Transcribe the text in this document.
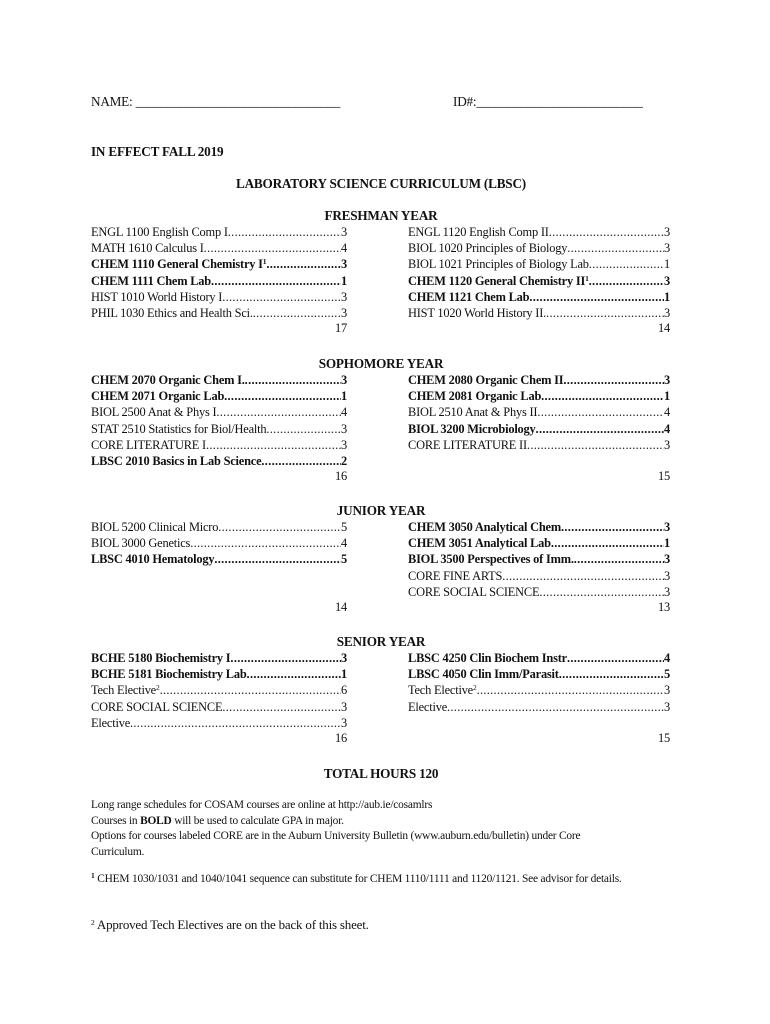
NAME: ________________________________	ID#:__________________________
IN EFFECT FALL 2019
LABORATORY SCIENCE CURRICULUM (LBSC)
FRESHMAN YEAR
ENGL 1100 English Comp I .....	3
MATH 1610 Calculus I .....	4
CHEM 1110 General Chemistry $I^1$ .....	3
CHEM 1111 Chem Lab .....	1
HIST 1010 World History I .....	3
PHIL 1030 Ethics and Health Sci. .....	3
ENGL 1120 English Comp II .....	3
BIOL 1020 Principles of Biology .....	3
BIOL 1021 Principles of Biology Lab .....	1
CHEM 1120 General Chemistry $II^1$ .....	3
CHEM 1121 Chem Lab .....	1
HIST 1020 World History II. .....	3
17	14
SOPHOMORE YEAR
CHEM 2070 Organic Chem I. .....	3
CHEM 2071 Organic Lab .....	1
BIOL 2500 Anat & Phys I .....	4
STAT 2510 Statistics for Biol/Health .....	3
CORE LITERATURE I .....	3
LBSC 2010 Basics in Lab Science .....	2
CHEM 2080 Organic Chem II .....	3
CHEM 2081 Organic Lab .....	1
BIOL 2510 Anat & Phys II .....	4
BIOL 3200 Microbiology .....	4
CORE LITERATURE II .....	3
16	15
JUNIOR YEAR
BIOL 5200 Clinical Micro .....	5
BIOL 3000 Genetics .....	4
LBSC 4010 Hematology .....	5
CHEM 3050 Analytical Chem .....	3
CHEM 3051 Analytical Lab .....	1
BIOL 3500 Perspectives of Imm. .....	3
CORE FINE ARTS .....	3
CORE SOCIAL SCIENCE .....	3
14	13
SENIOR YEAR
BCHE 5180 Biochemistry I .....	3
BCHE 5181 Biochemistry Lab .....	1
Tech Elective$^2$ .....	6
CORE SOCIAL SCIENCE .....	3
Elective .....	3
LBSC 4250 Clin Biochem Instr .....	4
LBSC 4050 Clin Imm/Parasit .....	5
Tech Elective$^2$ .....	3
Elective .....	3
16	15
TOTAL HOURS 120
Long range schedules for COSAM courses are online at http://aub.ie/cosamlrs
Courses in BOLD will be used to calculate GPA in major.
Options for courses labeled CORE are in the Auburn University Bulletin (www.auburn.edu/bulletin) under Core
Curriculum.
$^1$ CHEM 1030/1031 and 1040/1041 sequence can substitute for CHEM 1110/1111 and 1120/1121. See advisor for details.
$^2$ Approved Tech Electives are on the back of this sheet.
